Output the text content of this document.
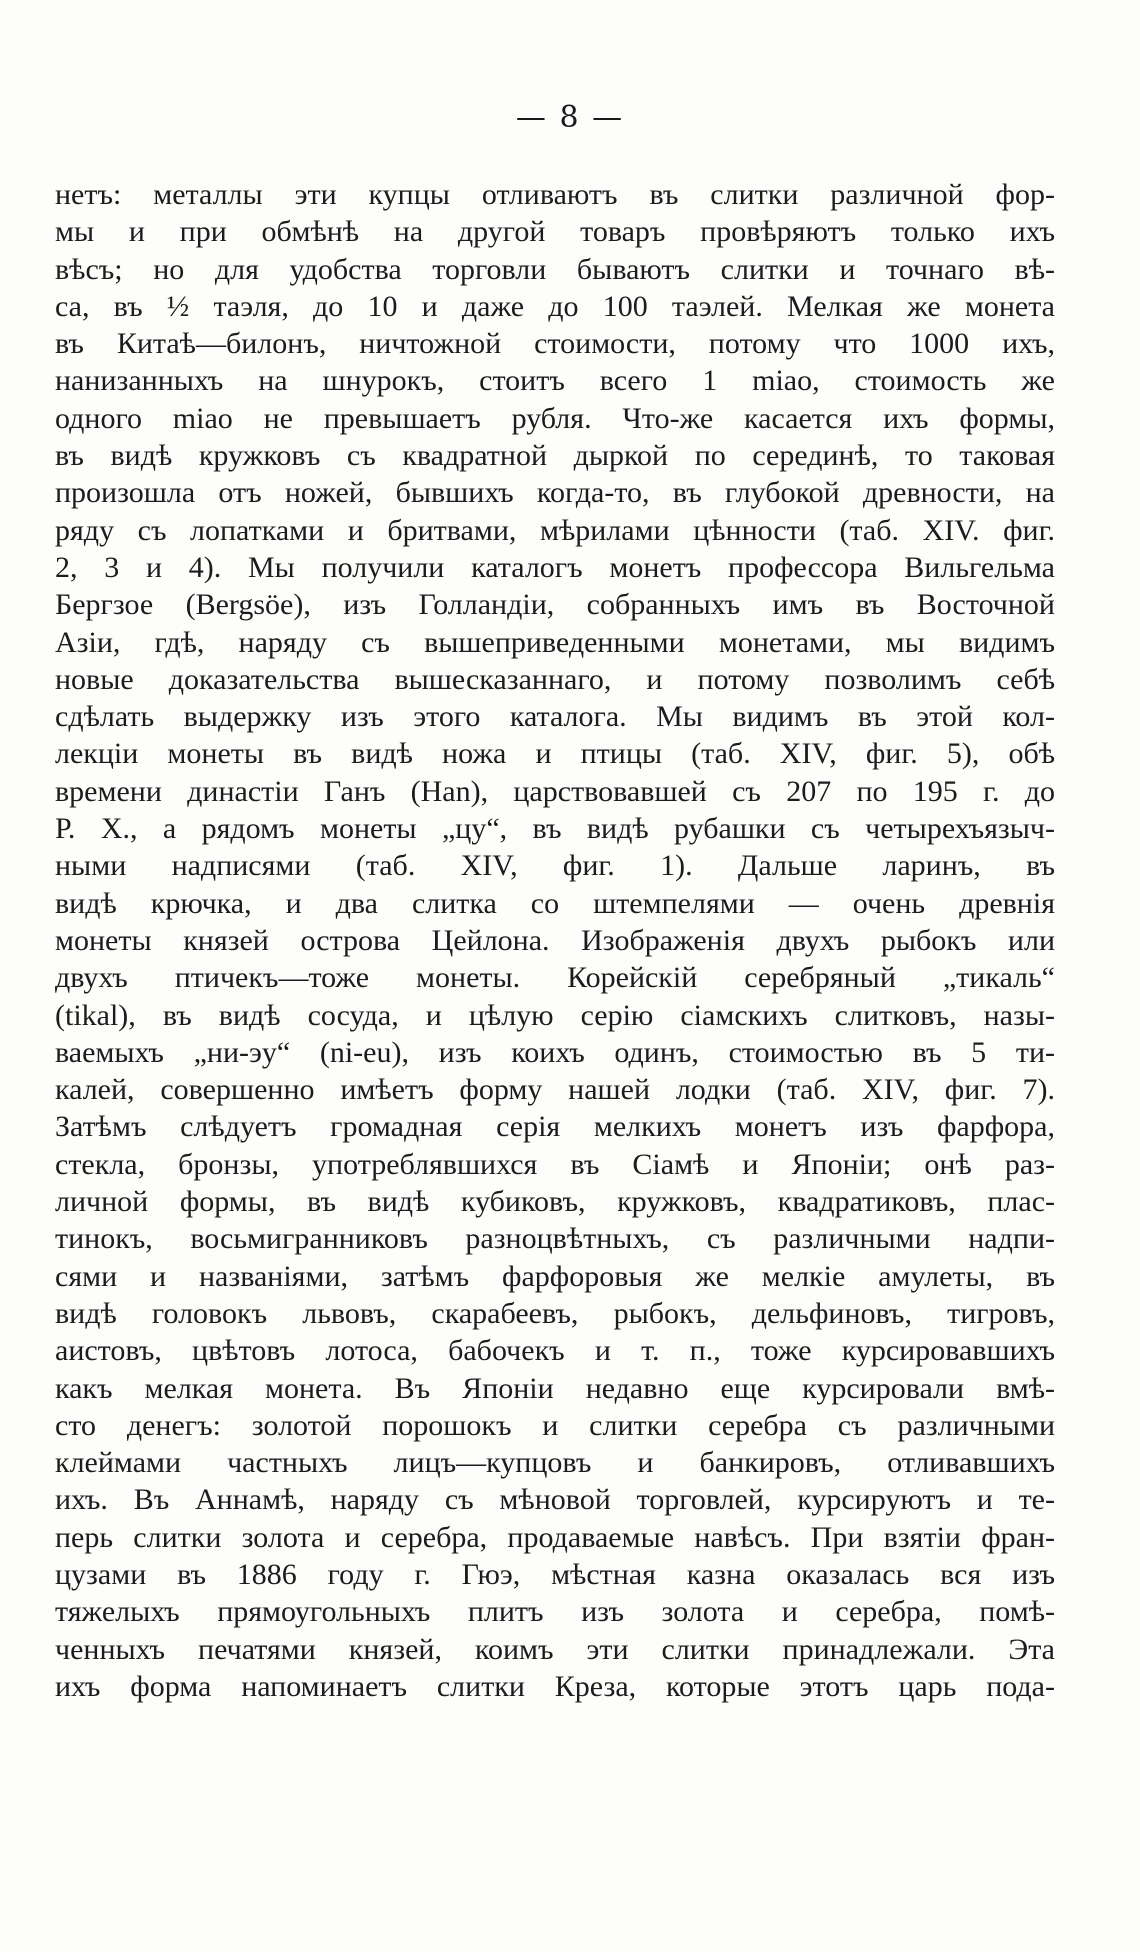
— 8 —
нетъ: металлы эти купцы отливаютъ въ слитки различной фор-
мы и при обмѣнѣ на другой товаръ провѣряютъ только ихъ
вѣсъ; но для удобства торговли бываютъ слитки и точнаго вѣ-
са, въ ½ таэля, до 10 и даже до 100 таэлей. Мелкая же монета
въ Китаѣ—билонъ, ничтожной стоимости, потому что 1000 ихъ,
нанизанныхъ на шнурокъ, стоитъ всего 1 miao, стоимость же
одного miao не превышаетъ рубля. Что-же касается ихъ формы,
въ видѣ кружковъ съ квадратной дыркой по серединѣ, то таковая
произошла отъ ножей, бывшихъ когда-то, въ глубокой древности, на
ряду съ лопатками и бритвами, мѣрилами цѣнности (таб. XIV. фиг.
2, 3 и 4). Мы получили каталогъ монетъ профессора Вильгельма
Бергзое (Bergsöe), изъ Голландіи, собранныхъ имъ въ Восточной
Азіи, гдѣ, наряду съ вышеприведенными монетами, мы видимъ
новые доказательства вышесказаннаго, и потому позволимъ себѣ
сдѣлать выдержку изъ этого каталога. Мы видимъ въ этой кол-
лекціи монеты въ видѣ ножа и птицы (таб. XIV, фиг. 5), обѣ
времени династіи Ганъ (Han), царствовавшей съ 207 по 195 г. до
Р. Х., а рядомъ монеты „цу“, въ видѣ рубашки съ четырехъязыч-
ными надписями (таб. XIV, фиг. 1). Дальше ларинъ, въ
видѣ крючка, и два слитка со штемпелями — очень древнія
монеты князей острова Цейлона. Изображенія двухъ рыбокъ или
двухъ птичекъ—тоже монеты. Корейскій серебряный „тикаль“
(tikal), въ видѣ сосуда, и цѣлую серію сіамскихъ слитковъ, назы-
ваемыхъ „ни-эу“ (ni-eu), изъ коихъ одинъ, стоимостью въ 5 ти-
калей, совершенно имѣетъ форму нашей лодки (таб. XIV, фиг. 7).
Затѣмъ слѣдуетъ громадная серія мелкихъ монетъ изъ фарфора,
стекла, бронзы, употреблявшихся въ Сіамѣ и Японіи; онѣ раз-
личной формы, въ видѣ кубиковъ, кружковъ, квадратиковъ, плас-
тинокъ, восьмигранниковъ разноцвѣтныхъ, съ различными надпи-
сями и названіями, затѣмъ фарфоровыя же мелкіе амулеты, въ
видѣ головокъ львовъ, скарабеевъ, рыбокъ, дельфиновъ, тигровъ,
аистовъ, цвѣтовъ лотоса, бабочекъ и т. п., тоже курсировавшихъ
какъ мелкая монета. Въ Японіи недавно еще курсировали вмѣ-
сто денегъ: золотой порошокъ и слитки серебра съ различными
клеймами частныхъ лицъ—купцовъ и банкировъ, отливавшихъ
ихъ. Въ Аннамѣ, наряду съ мѣновой торговлей, курсируютъ и те-
перь слитки золота и серебра, продаваемые навѣсъ. При взятіи фран-
цузами въ 1886 году г. Гюэ, мѣстная казна оказалась вся изъ
тяжелыхъ прямоугольныхъ плитъ изъ золота и серебра, помѣ-
ченныхъ печатями князей, коимъ эти слитки принадлежали. Эта
ихъ форма напоминаетъ слитки Креза, которые этотъ царь пода-
